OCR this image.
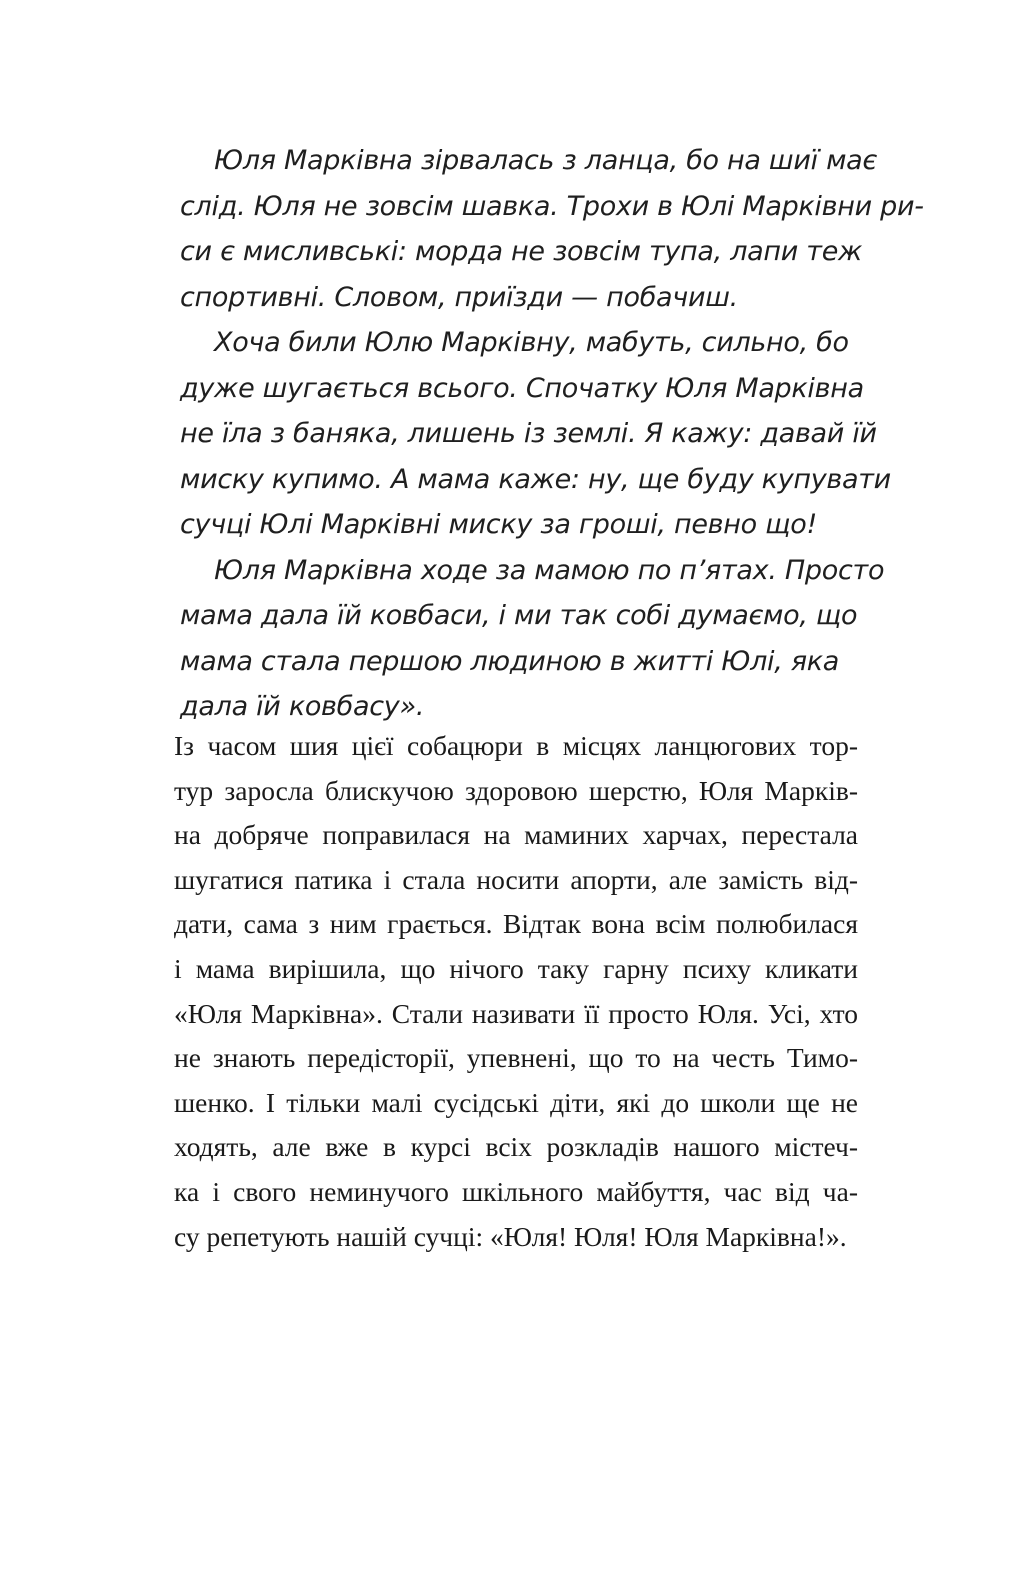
Юля Марківна зірвалась з ланца, бо на шиї має
слід. Юля не зовсім шавка. Трохи в Юлі Марківни ри-
си є мисливські: морда не зовсім тупа, лапи теж
спортивні. Словом, приїзди — побачиш.
Хоча били Юлю Марківну, мабуть, сильно, бо
дуже шугається всього. Спочатку Юля Марківна
не їла з баняка, лишень із землі. Я кажу: давай їй
миску купимо. А мама каже: ну, ще буду купувати
сучці Юлі Марківні миску за гроші, певно що!
Юля Марківна ходе за мамою по п’ятах. Просто
мама дала їй ковбаси, і ми так собі думаємо, що
мама стала першою людиною в житті Юлі, яка
дала їй ковбасу».
Із часом шия цієї собацюри в місцях ланцюгових тор-
тур заросла блискучою здоровою шерстю, Юля Марків-
на добряче поправилася на маминих харчах, перестала
шугатися патика і стала носити апорти, але замість від-
дати, сама з ним грається. Відтак вона всім полюбилася
і мама вирішила, що нічого таку гарну психу кликати
«Юля Марківна». Стали називати її просто Юля. Усі, хто
не знають передісторії, упевнені, що то на честь Тимо-
шенко. І тільки малі сусідські діти, які до школи ще не
ходять, але вже в курсі всіх розкладів нашого містеч-
ка і свого неминучого шкільного майбуття, час від ча-
су репетують нашій сучці: «Юля! Юля! Юля Марківна!».
